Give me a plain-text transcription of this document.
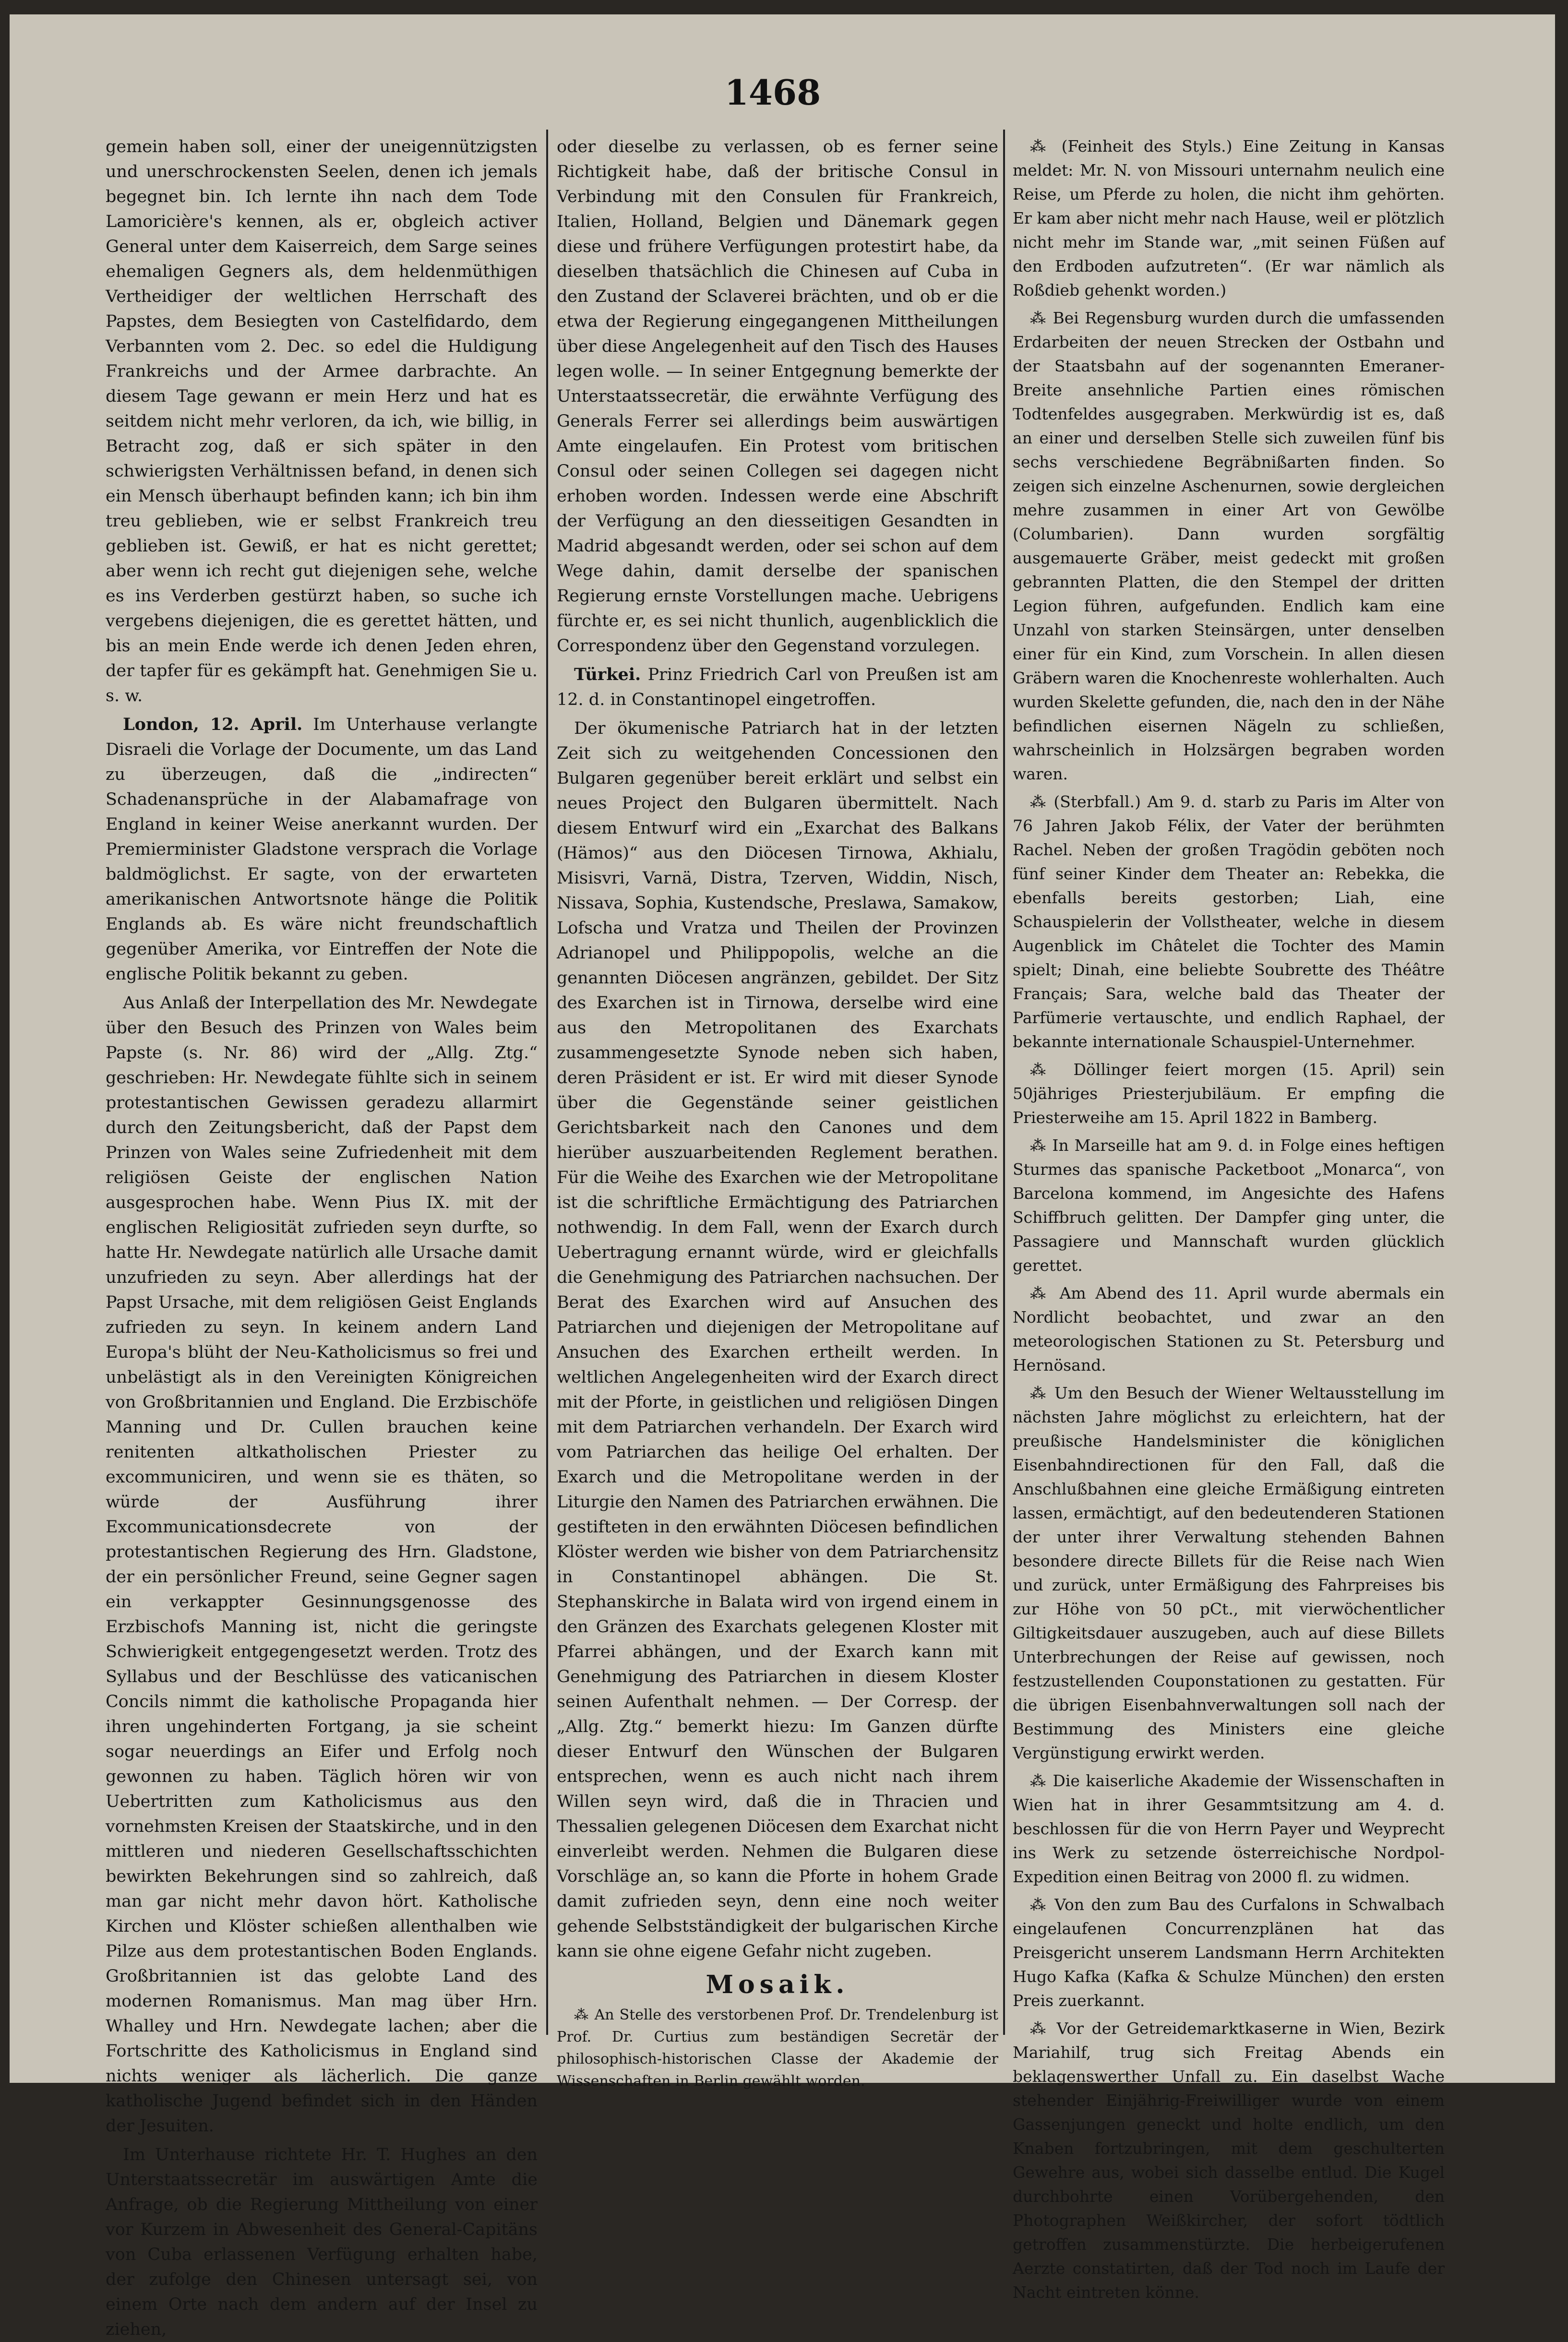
1468

gemein haben soll, einer der uneigennützigsten und unerschrockensten Seelen, denen ich jemals begegnet bin. Ich lernte ihn nach dem Tode Lamoricière's kennen, als er, obgleich activer General unter dem Kaiserreich, dem Sarge seines ehemaligen Gegners als, dem heldenmüthigen Vertheidiger der weltlichen Herrschaft des Papstes, dem Besiegten von Castelfidardo, dem Verbannten vom 2. Dec. so edel die Huldigung Frankreichs und der Armee darbrachte. An diesem Tage gewann er mein Herz und hat es seitdem nicht mehr verloren, da ich, wie billig, in Betracht zog, daß er sich später in den schwierigsten Verhältnissen befand, in denen sich ein Mensch überhaupt befinden kann; ich bin ihm treu geblieben, wie er selbst Frankreich treu geblieben ist. Gewiß, er hat es nicht gerettet; aber wenn ich recht gut diejenigen sehe, welche es ins Verderben gestürzt haben, so suche ich vergebens diejenigen, die es gerettet hätten, und bis an mein Ende werde ich denen Jeden ehren, der tapfer für es gekämpft hat. Genehmigen Sie u. s. w.

London, 12. April. Im Unterhause verlangte Disraeli die Vorlage der Documente, um das Land zu überzeugen, daß die „indirecten“ Schadenansprüche in der Alabamafrage von England in keiner Weise anerkannt wurden. Der Premierminister Gladstone versprach die Vorlage baldmöglichst. Er sagte, von der erwarteten amerikanischen Antwortsnote hänge die Politik Englands ab. Es wäre nicht freundschaftlich gegenüber Amerika, vor Eintreffen der Note die englische Politik bekannt zu geben.

Aus Anlaß der Interpellation des Mr. Newdegate über den Besuch des Prinzen von Wales beim Papste (s. Nr. 86) wird der „Allg. Ztg.“ geschrieben: Hr. Newdegate fühlte sich in seinem protestantischen Gewissen geradezu allarmirt durch den Zeitungsbericht, daß der Papst dem Prinzen von Wales seine Zufriedenheit mit dem religiösen Geiste der englischen Nation ausgesprochen habe. Wenn Pius IX. mit der englischen Religiosität zufrieden seyn durfte, so hatte Hr. Newdegate natürlich alle Ursache damit unzufrieden zu seyn. Aber allerdings hat der Papst Ursache, mit dem religiösen Geist Englands zufrieden zu seyn. In keinem andern Land Europa's blüht der Neu-Katholicismus so frei und unbelästigt als in den Vereinigten Königreichen von Großbritannien und England. Die Erzbischöfe Manning und Dr. Cullen brauchen keine renitenten altkatholischen Priester zu excommuniciren, und wenn sie es thäten, so würde der Ausführung ihrer Excommunicationsdecrete von der protestantischen Regierung des Hrn. Gladstone, der ein persönlicher Freund, seine Gegner sagen ein verkappter Gesinnungsgenosse des Erzbischofs Manning ist, nicht die geringste Schwierigkeit entgegengesetzt werden. Trotz des Syllabus und der Beschlüsse des vaticanischen Concils nimmt die katholische Propaganda hier ihren ungehinderten Fortgang, ja sie scheint sogar neuerdings an Eifer und Erfolg noch gewonnen zu haben. Täglich hören wir von Uebertritten zum Katholicismus aus den vornehmsten Kreisen der Staatskirche, und in den mittleren und niederen Gesellschaftsschichten bewirkten Bekehrungen sind so zahlreich, daß man gar nicht mehr davon hört. Katholische Kirchen und Klöster schießen allenthalben wie Pilze aus dem protestantischen Boden Englands. Großbritannien ist das gelobte Land des modernen Romanismus. Man mag über Hrn. Whalley und Hrn. Newdegate lachen; aber die Fortschritte des Katholicismus in England sind nichts weniger als lächerlich. Die ganze katholische Jugend befindet sich in den Händen der Jesuiten.

Im Unterhause richtete Hr. T. Hughes an den Unterstaatssecretär im auswärtigen Amte die Anfrage, ob die Regierung Mittheilung von einer vor Kurzem in Abwesenheit des General-Capitäns von Cuba erlassenen Verfügung erhalten habe, der zufolge den Chinesen untersagt sei, von einem Orte nach dem andern auf der Insel zu ziehen,

oder dieselbe zu verlassen, ob es ferner seine Richtigkeit habe, daß der britische Consul in Verbindung mit den Consulen für Frankreich, Italien, Holland, Belgien und Dänemark gegen diese und frühere Verfügungen protestirt habe, da dieselben thatsächlich die Chinesen auf Cuba in den Zustand der Sclaverei brächten, und ob er die etwa der Regierung eingegangenen Mittheilungen über diese Angelegenheit auf den Tisch des Hauses legen wolle. — In seiner Entgegnung bemerkte der Unterstaatssecretär, die erwähnte Verfügung des Generals Ferrer sei allerdings beim auswärtigen Amte eingelaufen. Ein Protest vom britischen Consul oder seinen Collegen sei dagegen nicht erhoben worden. Indessen werde eine Abschrift der Verfügung an den diesseitigen Gesandten in Madrid abgesandt werden, oder sei schon auf dem Wege dahin, damit derselbe der spanischen Regierung ernste Vorstellungen mache. Uebrigens fürchte er, es sei nicht thunlich, augenblicklich die Correspondenz über den Gegenstand vorzulegen.

Türkei. Prinz Friedrich Carl von Preußen ist am 12. d. in Constantinopel eingetroffen.

Der ökumenische Patriarch hat in der letzten Zeit sich zu weitgehenden Concessionen den Bulgaren gegenüber bereit erklärt und selbst ein neues Project den Bulgaren übermittelt. Nach diesem Entwurf wird ein „Exarchat des Balkans (Hämos)“ aus den Diöcesen Tirnowa, Akhialu, Misisvri, Varnä, Distra, Tzerven, Widdin, Nisch, Nissava, Sophia, Kustendsche, Preslawa, Samakow, Lofscha und Vratza und Theilen der Provinzen Adrianopel und Philippopolis, welche an die genannten Diöcesen angränzen, gebildet. Der Sitz des Exarchen ist in Tirnowa, derselbe wird eine aus den Metropolitanen des Exarchats zusammengesetzte Synode neben sich haben, deren Präsident er ist. Er wird mit dieser Synode über die Gegenstände seiner geistlichen Gerichtsbarkeit nach den Canones und dem hierüber auszuarbeitenden Reglement berathen. Für die Weihe des Exarchen wie der Metropolitane ist die schriftliche Ermächtigung des Patriarchen nothwendig. In dem Fall, wenn der Exarch durch Uebertragung ernannt würde, wird er gleichfalls die Genehmigung des Patriarchen nachsuchen. Der Berat des Exarchen wird auf Ansuchen des Patriarchen und diejenigen der Metropolitane auf Ansuchen des Exarchen ertheilt werden. In weltlichen Angelegenheiten wird der Exarch direct mit der Pforte, in geistlichen und religiösen Dingen mit dem Patriarchen verhandeln. Der Exarch wird vom Patriarchen das heilige Oel erhalten. Der Exarch und die Metropolitane werden in der Liturgie den Namen des Patriarchen erwähnen. Die gestifteten in den erwähnten Diöcesen befindlichen Klöster werden wie bisher von dem Patriarchensitz in Constantinopel abhängen. Die St. Stephanskirche in Balata wird von irgend einem in den Gränzen des Exarchats gelegenen Kloster mit Pfarrei abhängen, und der Exarch kann mit Genehmigung des Patriarchen in diesem Kloster seinen Aufenthalt nehmen. — Der Corresp. der „Allg. Ztg.“ bemerkt hiezu: Im Ganzen dürfte dieser Entwurf den Wünschen der Bulgaren entsprechen, wenn es auch nicht nach ihrem Willen seyn wird, daß die in Thracien und Thessalien gelegenen Diöcesen dem Exarchat nicht einverleibt werden. Nehmen die Bulgaren diese Vorschläge an, so kann die Pforte in hohem Grade damit zufrieden seyn, denn eine noch weiter gehende Selbstständigkeit der bulgarischen Kirche kann sie ohne eigene Gefahr nicht zugeben.

Mosaik.

⁂ An Stelle des verstorbenen Prof. Dr. Trendelenburg ist Prof. Dr. Curtius zum beständigen Secretär der philosophisch-historischen Classe der Akademie der Wissenschaften in Berlin gewählt worden.

⁂ (Feinheit des Styls.) Eine Zeitung in Kansas meldet: Mr. N. von Missouri unternahm neulich eine Reise, um Pferde zu holen, die nicht ihm gehörten. Er kam aber nicht mehr nach Hause, weil er plötzlich nicht mehr im Stande war, „mit seinen Füßen auf den Erdboden aufzutreten“. (Er war nämlich als Roßdieb gehenkt worden.)

⁂ Bei Regensburg wurden durch die umfassenden Erdarbeiten der neuen Strecken der Ostbahn und der Staatsbahn auf der sogenannten Emeraner-Breite ansehnliche Partien eines römischen Todtenfeldes ausgegraben. Merkwürdig ist es, daß an einer und derselben Stelle sich zuweilen fünf bis sechs verschiedene Begräbnißarten finden. So zeigen sich einzelne Aschenurnen, sowie dergleichen mehre zusammen in einer Art von Gewölbe (Columbarien). Dann wurden sorgfältig ausgemauerte Gräber, meist gedeckt mit großen gebrannten Platten, die den Stempel der dritten Legion führen, aufgefunden. Endlich kam eine Unzahl von starken Steinsärgen, unter denselben einer für ein Kind, zum Vorschein. In allen diesen Gräbern waren die Knochenreste wohlerhalten. Auch wurden Skelette gefunden, die, nach den in der Nähe befindlichen eisernen Nägeln zu schließen, wahrscheinlich in Holzsärgen begraben worden waren.

⁂ (Sterbfall.) Am 9. d. starb zu Paris im Alter von 76 Jahren Jakob Félix, der Vater der berühmten Rachel. Neben der großen Tragödin geböten noch fünf seiner Kinder dem Theater an: Rebekka, die ebenfalls bereits gestorben; Liah, eine Schauspielerin der Vollstheater, welche in diesem Augenblick im Châtelet die Tochter des Mamin spielt; Dinah, eine beliebte Soubrette des Théâtre Français; Sara, welche bald das Theater der Parfümerie vertauschte, und endlich Raphael, der bekannte internationale Schauspiel-Unternehmer.

⁂ Döllinger feiert morgen (15. April) sein 50jähriges Priesterjubiläum. Er empfing die Priesterweihe am 15. April 1822 in Bamberg.

⁂ In Marseille hat am 9. d. in Folge eines heftigen Sturmes das spanische Packetboot „Monarca“, von Barcelona kommend, im Angesichte des Hafens Schiffbruch gelitten. Der Dampfer ging unter, die Passagiere und Mannschaft wurden glücklich gerettet.

⁂ Am Abend des 11. April wurde abermals ein Nordlicht beobachtet, und zwar an den meteorologischen Stationen zu St. Petersburg und Hernösand.

⁂ Um den Besuch der Wiener Weltausstellung im nächsten Jahre möglichst zu erleichtern, hat der preußische Handelsminister die königlichen Eisenbahndirectionen für den Fall, daß die Anschlußbahnen eine gleiche Ermäßigung eintreten lassen, ermächtigt, auf den bedeutenderen Stationen der unter ihrer Verwaltung stehenden Bahnen besondere directe Billets für die Reise nach Wien und zurück, unter Ermäßigung des Fahrpreises bis zur Höhe von 50 pCt., mit vierwöchentlicher Giltigkeitsdauer auszugeben, auch auf diese Billets Unterbrechungen der Reise auf gewissen, noch festzustellenden Couponstationen zu gestatten. Für die übrigen Eisenbahnverwaltungen soll nach der Bestimmung des Ministers eine gleiche Vergünstigung erwirkt werden.

⁂ Die kaiserliche Akademie der Wissenschaften in Wien hat in ihrer Gesammtsitzung am 4. d. beschlossen für die von Herrn Payer und Weyprecht ins Werk zu setzende österreichische Nordpol-Expedition einen Beitrag von 2000 fl. zu widmen.

⁂ Von den zum Bau des Curfalons in Schwalbach eingelaufenen Concurrenzplänen hat das Preisgericht unserem Landsmann Herrn Architekten Hugo Kafka (Kafka & Schulze München) den ersten Preis zuerkannt.

⁂ Vor der Getreidemarktkaserne in Wien, Bezirk Mariahilf, trug sich Freitag Abends ein beklagenswerther Unfall zu. Ein daselbst Wache stehender Einjährig-Freiwilliger wurde von einem Gassenjungen geneckt und holte endlich, um den Knaben fortzubringen, mit dem geschulterten Gewehre aus, wobei sich dasselbe entlud. Die Kugel durchbohrte einen Vorübergehenden, den Photographen Weißkircher, der sofort tödtlich getroffen zusammenstürzte. Die herbeigerufenen Aerzte constatirten, daß der Tod noch im Laufe der Nacht eintreten könne.
